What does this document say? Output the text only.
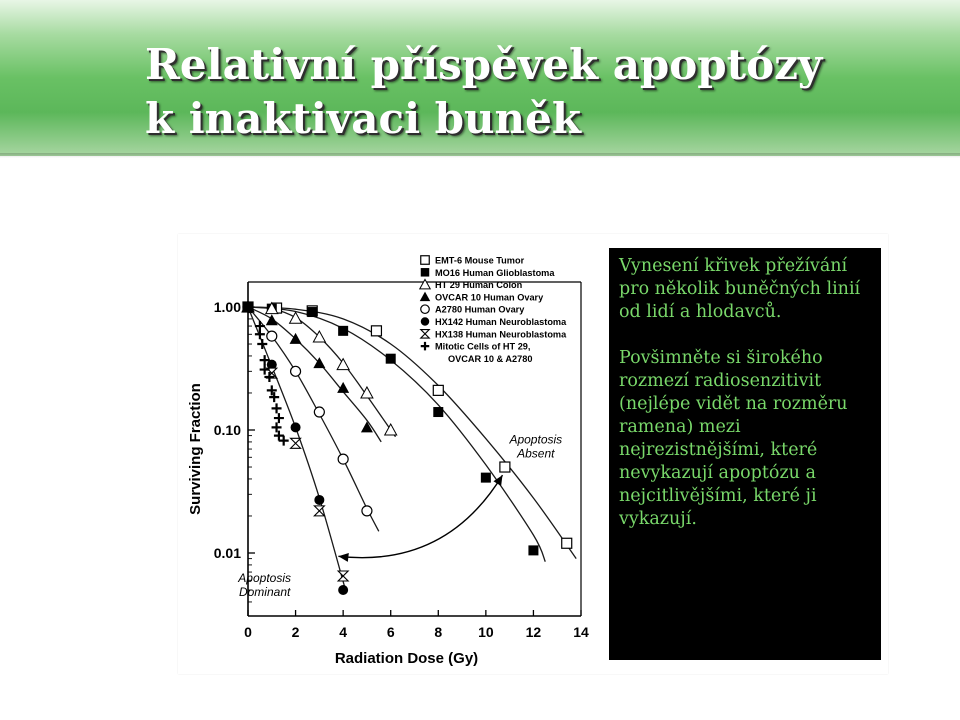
Relativní příspěvek apoptózy
k inaktivaci buněk
0	2	4	6	8	10 12 14
1.00
0.10
0.01
Radiation Dose (Gy)
Surviving Fraction	Apoptosis
Absent
Apoptosis
Dominant
EMT-6 Mouse Tumor
MO16 Human Glioblastoma
HT 29 Human Colon
OVCAR 10 Human Ovary
A2780 Human Ovary
HX142 Human Neuroblastoma
HX138 Human Neuroblastoma
Mitotic Cells of HT 29,
OVCAR 10 & A2780

Vynesení křivek přežívání pro několik buněčných linií od lidí a hlodavců.

Povšimněte si širokého rozmezí radiosenzitivit (nejlépe vidět na rozměru ramena) mezi nejrezistnějšími, které nevykazují apoptózu a nejcitlivějšími, které ji vykazují.
